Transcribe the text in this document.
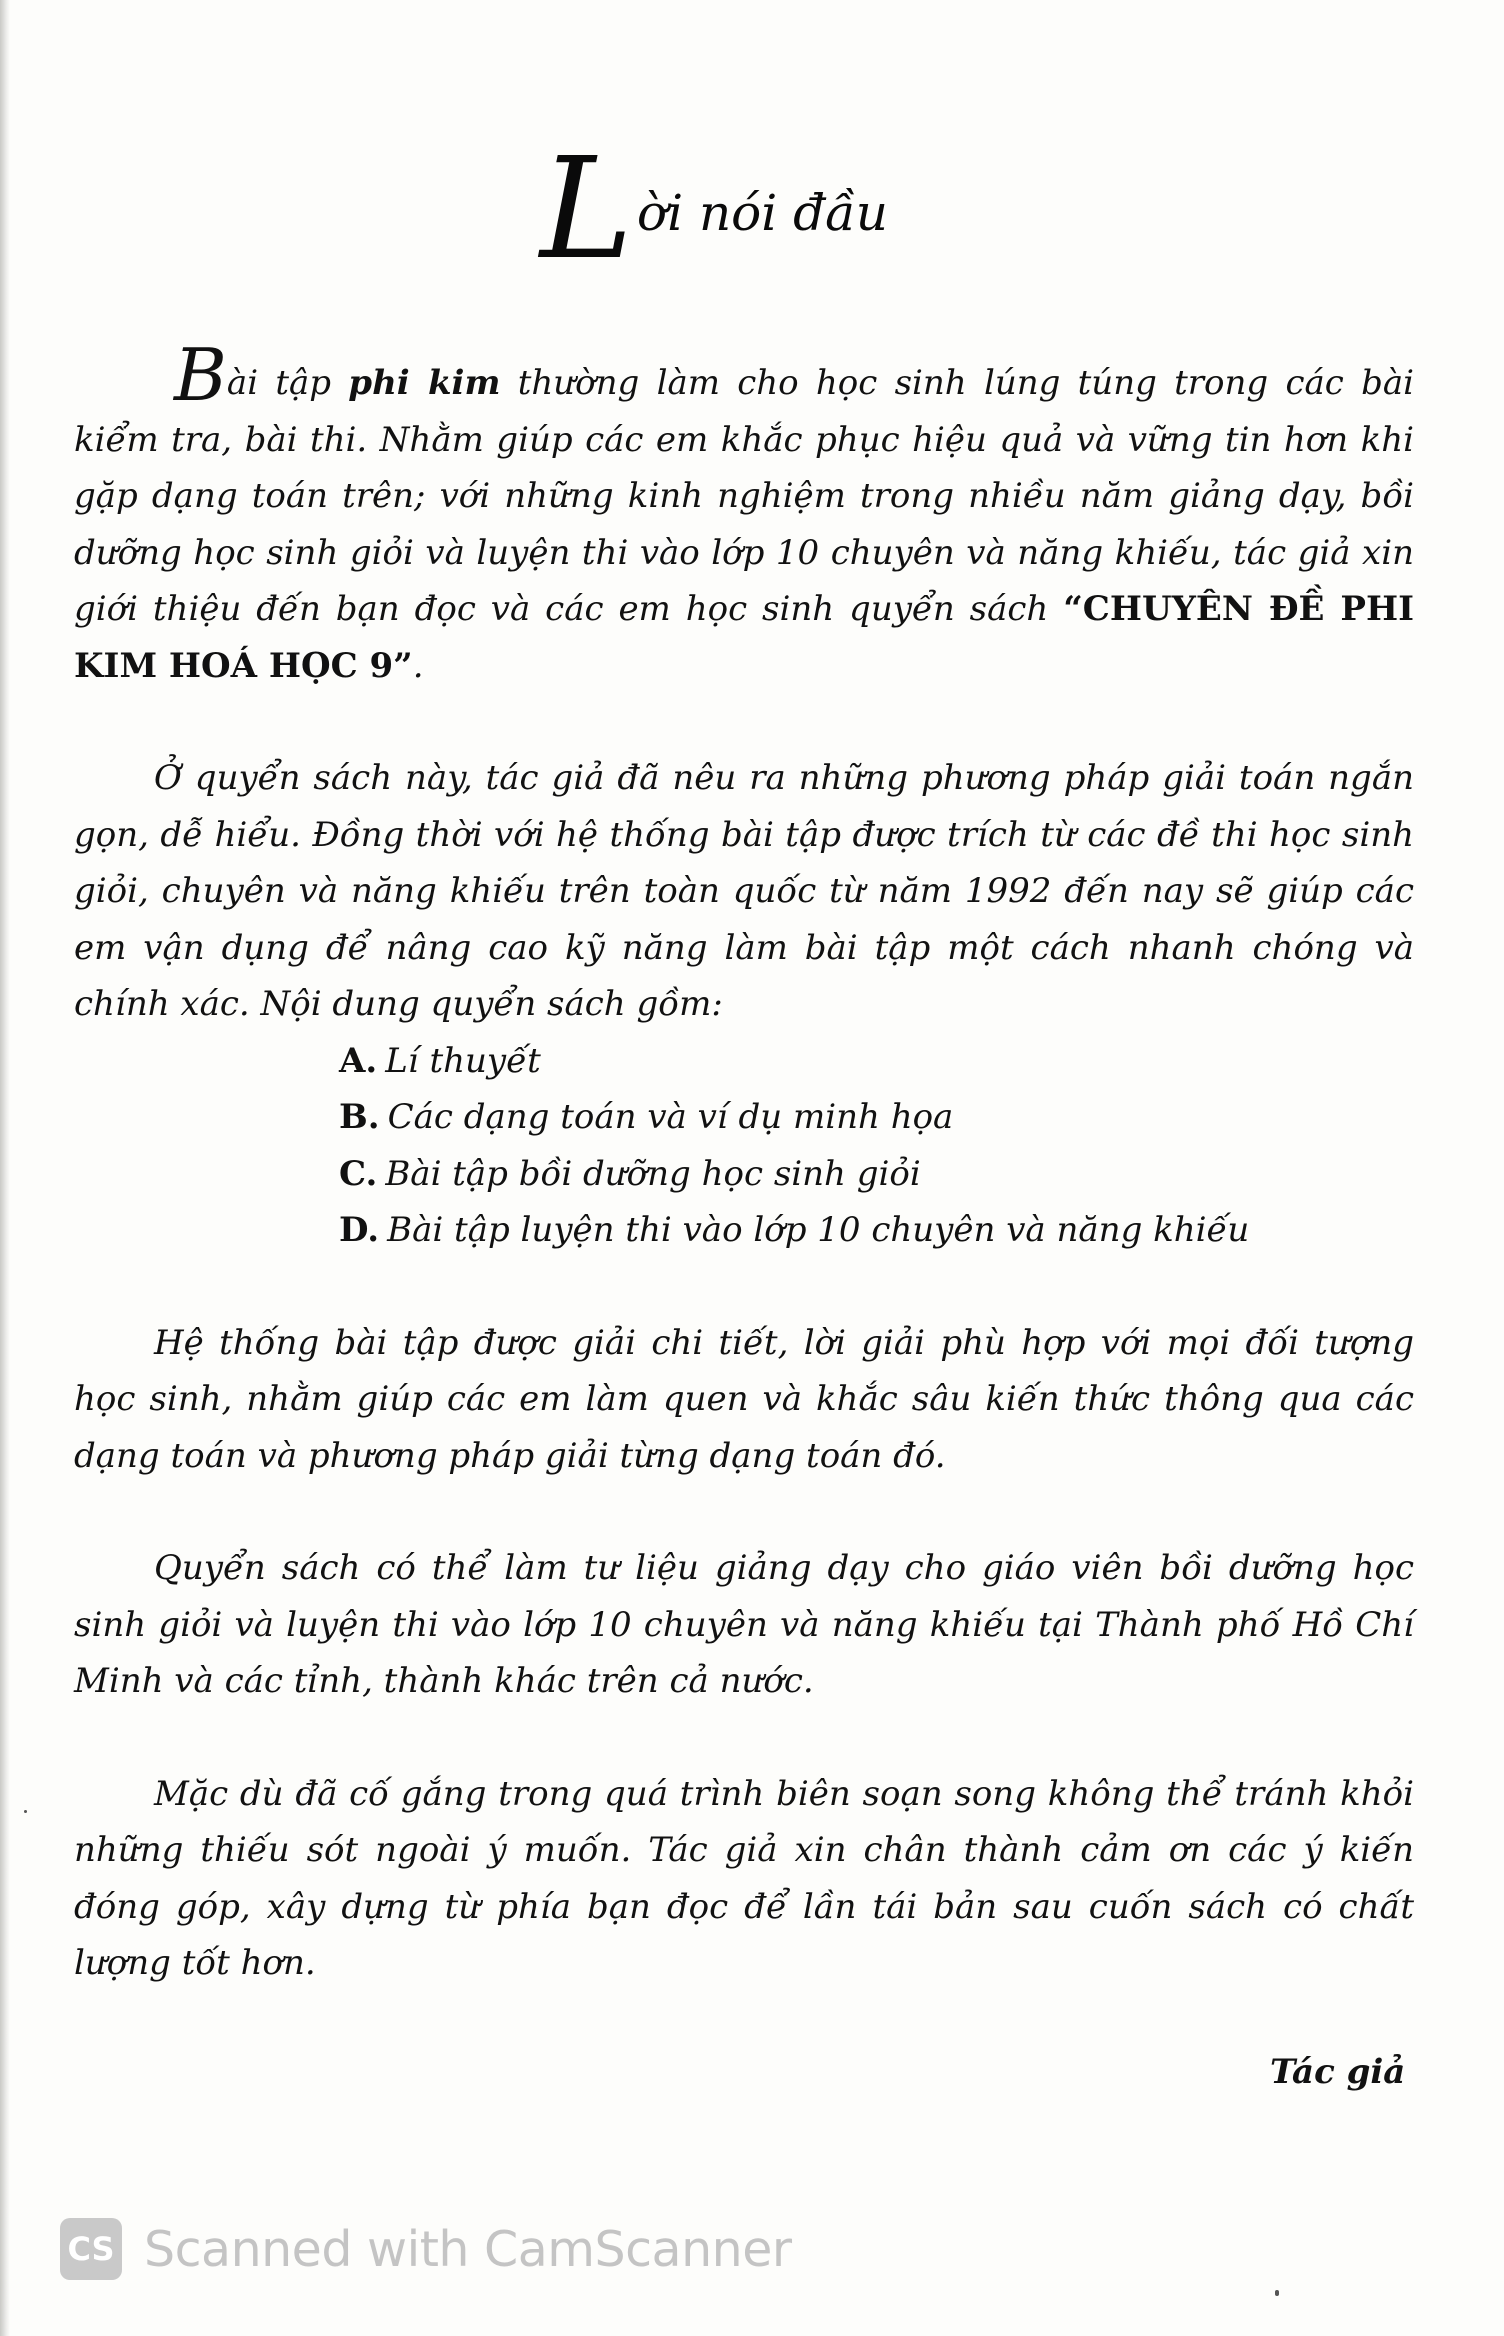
L ời nói đầu

Bài tập phi kim thường làm cho học sinh lúng túng trong các bài kiểm tra, bài thi. Nhằm giúp các em khắc phục hiệu quả và vững tin hơn khi gặp dạng toán trên; với những kinh nghiệm trong nhiều năm giảng dạy, bồi dưỡng học sinh giỏi và luyện thi vào lớp 10 chuyên và năng khiếu, tác giả xin giới thiệu đến bạn đọc và các em học sinh quyển sách “CHUYÊN ĐỀ PHI KIM HOÁ HỌC 9”.

Ở quyển sách này, tác giả đã nêu ra những phương pháp giải toán ngắn gọn, dễ hiểu. Đồng thời với hệ thống bài tập được trích từ các đề thi học sinh giỏi, chuyên và năng khiếu trên toàn quốc từ năm 1992 đến nay sẽ giúp các em vận dụng để nâng cao kỹ năng làm bài tập một cách nhanh chóng và chính xác. Nội dung quyển sách gồm:

A. Lí thuyết
B. Các dạng toán và ví dụ minh họa
C. Bài tập bồi dưỡng học sinh giỏi
D. Bài tập luyện thi vào lớp 10 chuyên và năng khiếu

Hệ thống bài tập được giải chi tiết, lời giải phù hợp với mọi đối tượng học sinh, nhằm giúp các em làm quen và khắc sâu kiến thức thông qua các dạng toán và phương pháp giải từng dạng toán đó.

Quyển sách có thể làm tư liệu giảng dạy cho giáo viên bồi dưỡng học sinh giỏi và luyện thi vào lớp 10 chuyên và năng khiếu tại Thành phố Hồ Chí Minh và các tỉnh, thành khác trên cả nước.

Mặc dù đã cố gắng trong quá trình biên soạn song không thể tránh khỏi những thiếu sót ngoài ý muốn. Tác giả xin chân thành cảm ơn các ý kiến đóng góp, xây dựng từ phía bạn đọc để lần tái bản sau cuốn sách có chất lượng tốt hơn.

Tác giả
CS Scanned with CamScanner
